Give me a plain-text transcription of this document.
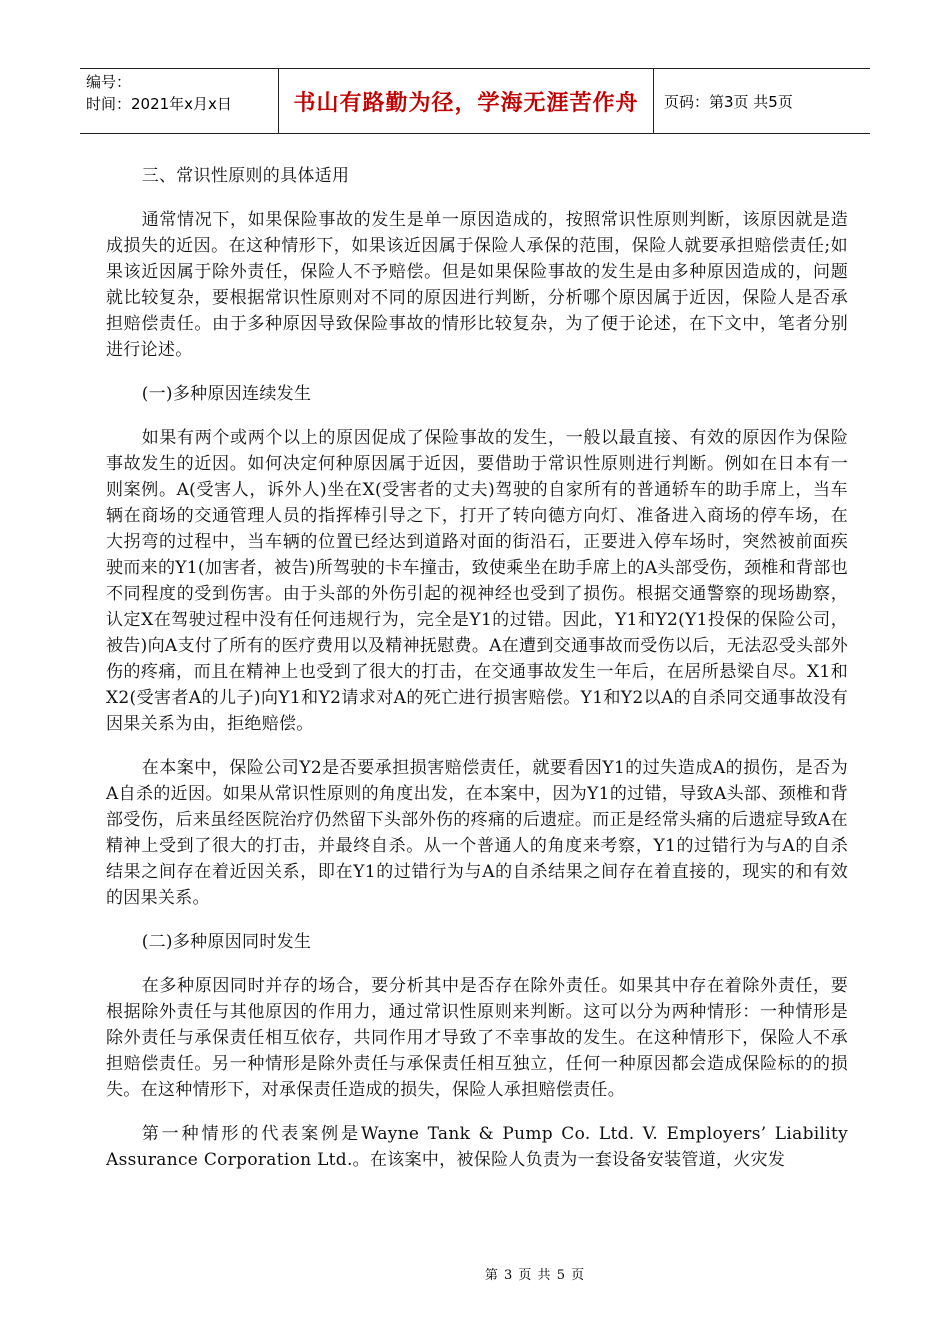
编号：
时间：2021年x月x日	书山有路勤为径，学海无涯苦作舟	页码：第3页 共5页

三、常识性原则的具体适用

通常情况下，如果保险事故的发生是单一原因造成的，按照常识性原则判断，该原因就是造成损失的近因。在这种情形下，如果该近因属于保险人承保的范围，保险人就要承担赔偿责任;如果该近因属于除外责任，保险人不予赔偿。但是如果保险事故的发生是由多种原因造成的，问题就比较复杂，要根据常识性原则对不同的原因进行判断，分析哪个原因属于近因，保险人是否承担赔偿责任。由于多种原因导致保险事故的情形比较复杂，为了便于论述，在下文中，笔者分别进行论述。

(一)多种原因连续发生

如果有两个或两个以上的原因促成了保险事故的发生，一般以最直接、有效的原因作为保险事故发生的近因。如何决定何种原因属于近因，要借助于常识性原则进行判断。例如在日本有一则案例。A(受害人，诉外人)坐在X(受害者的丈夫)驾驶的自家所有的普通轿车的助手席上，当车辆在商场的交通管理人员的指挥棒引导之下，打开了转向德方向灯、准备进入商场的停车场，在大拐弯的过程中，当车辆的位置已经达到道路对面的街沿石，正要进入停车场时，突然被前面疾驶而来的Y1(加害者，被告)所驾驶的卡车撞击，致使乘坐在助手席上的A头部受伤，颈椎和背部也不同程度的受到伤害。由于头部的外伤引起的视神经也受到了损伤。根据交通警察的现场勘察，认定X在驾驶过程中没有任何违规行为，完全是Y1的过错。因此，Y1和Y2(Y1投保的保险公司，被告)向A支付了所有的医疗费用以及精神抚慰费。A在遭到交通事故而受伤以后，无法忍受头部外伤的疼痛，而且在精神上也受到了很大的打击，在交通事故发生一年后，在居所悬梁自尽。X1和X2(受害者A的儿子)向Y1和Y2请求对A的死亡进行损害赔偿。Y1和Y2以A的自杀同交通事故没有因果关系为由，拒绝赔偿。

在本案中，保险公司Y2是否要承担损害赔偿责任，就要看因Y1的过失造成A的损伤，是否为A自杀的近因。如果从常识性原则的角度出发，在本案中，因为Y1的过错，导致A头部、颈椎和背部受伤，后来虽经医院治疗仍然留下头部外伤的疼痛的后遗症。而正是经常头痛的后遗症导致A在精神上受到了很大的打击，并最终自杀。从一个普通人的角度来考察，Y1的过错行为与A的自杀结果之间存在着近因关系，即在Y1的过错行为与A的自杀结果之间存在着直接的，现实的和有效的因果关系。

(二)多种原因同时发生

在多种原因同时并存的场合，要分析其中是否存在除外责任。如果其中存在着除外责任，要根据除外责任与其他原因的作用力，通过常识性原则来判断。这可以分为两种情形：一种情形是除外责任与承保责任相互依存，共同作用才导致了不幸事故的发生。在这种情形下，保险人不承担赔偿责任。另一种情形是除外责任与承保责任相互独立，任何一种原因都会造成保险标的的损失。在这种情形下，对承保责任造成的损失，保险人承担赔偿责任。

第一种情形的代表案例是Wayne Tank & Pump Co. Ltd. V. Employers’ Liability Assurance Corporation Ltd.。在该案中，被保险人负责为一套设备安装管道，火灾发

第 3 页 共 5 页
